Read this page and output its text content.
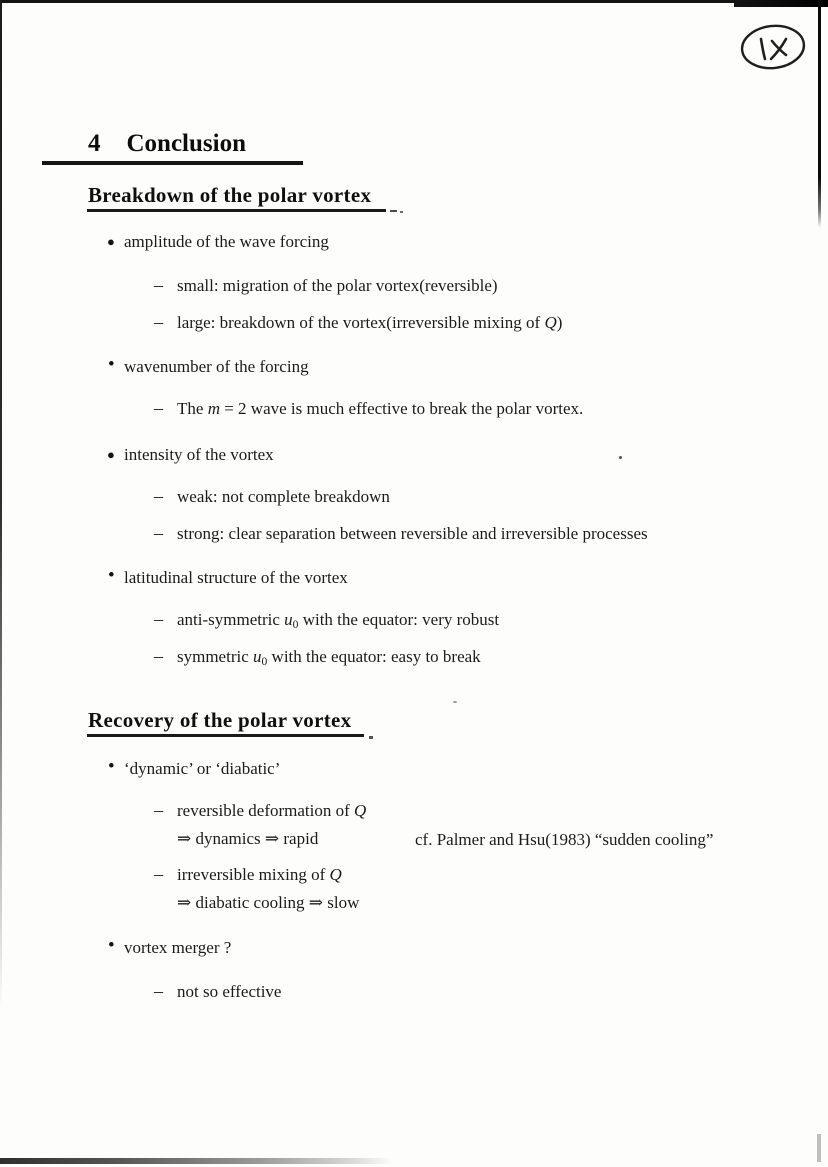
4 Conclusion
Breakdown of the polar vortex
● amplitude of the wave forcing
– small: migration of the polar vortex(reversible)
– large: breakdown of the vortex(irreversible mixing of Q)
• wavenumber of the forcing
– The m = 2 wave is much effective to break the polar vortex.
● intensity of the vortex
– weak: not complete breakdown
– strong: clear separation between reversible and irreversible processes
• latitudinal structure of the vortex
– anti-symmetric u0 with the equator: very robust
– symmetric u0 with the equator: easy to break
Recovery of the polar vortex
• ‘dynamic’ or ‘diabatic’
– reversible deformation of Q
⇒ dynamics ⇒ rapid	cf. Palmer and Hsu(1983) “sudden cooling”
– irreversible mixing of Q
⇒ diabatic cooling ⇒ slow
• vortex merger ?
– not so effective
